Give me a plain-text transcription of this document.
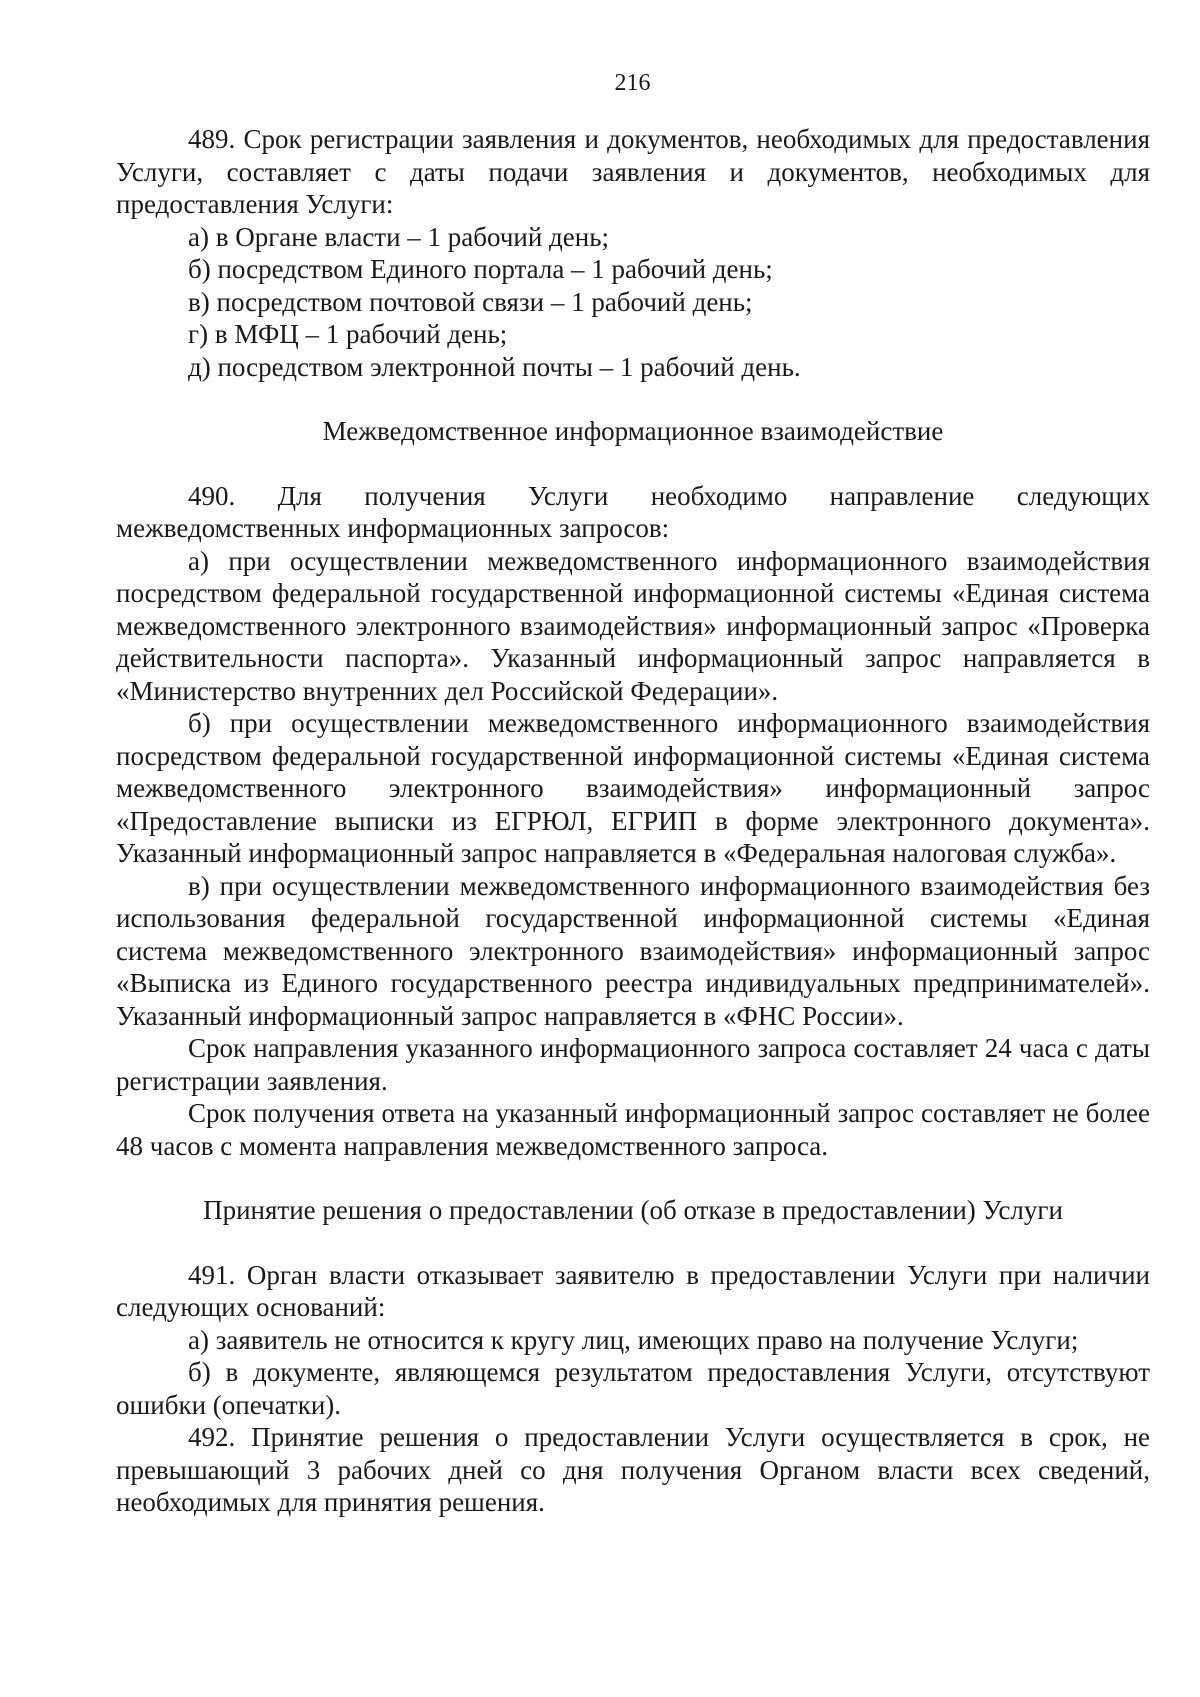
216

489. Срок регистрации заявления и документов, необходимых для предоставления Услуги, составляет с даты подачи заявления и документов, необходимых для предоставления Услуги:

а) в Органе власти – 1 рабочий день;

б) посредством Единого портала – 1 рабочий день;

в) посредством почтовой связи – 1 рабочий день;

г) в МФЦ – 1 рабочий день;

д) посредством электронной почты – 1 рабочий день.

Межведомственное информационное взаимодействие

490. Для получения Услуги необходимо направление следующих межведомственных информационных запросов:

а) при осуществлении межведомственного информационного взаимодействия посредством федеральной государственной информационной системы «Единая система межведомственного электронного взаимодействия» информационный запрос «Проверка действительности паспорта». Указанный информационный запрос направляется в «Министерство внутренних дел Российской Федерации».

б) при осуществлении межведомственного информационного взаимодействия посредством федеральной государственной информационной системы «Единая система межведомственного электронного взаимодействия» информационный запрос «Предоставление выписки из ЕГРЮЛ, ЕГРИП в форме электронного документа». Указанный информационный запрос направляется в «Федеральная налоговая служба».

в) при осуществлении межведомственного информационного взаимодействия без использования федеральной государственной информационной системы «Единая система межведомственного электронного взаимодействия» информационный запрос «Выписка из Единого государственного реестра индивидуальных предпринимателей». Указанный информационный запрос направляется в «ФНС России».

Срок направления указанного информационного запроса составляет 24 часа с даты регистрации заявления.

Срок получения ответа на указанный информационный запрос составляет не более 48 часов с момента направления межведомственного запроса.

Принятие решения о предоставлении (об отказе в предоставлении) Услуги

491. Орган власти отказывает заявителю в предоставлении Услуги при наличии следующих оснований:

а) заявитель не относится к кругу лиц, имеющих право на получение Услуги;

б) в документе, являющемся результатом предоставления Услуги, отсутствуют ошибки (опечатки).

492. Принятие решения о предоставлении Услуги осуществляется в срок, не превышающий 3 рабочих дней со дня получения Органом власти всех сведений, необходимых для принятия решения.
